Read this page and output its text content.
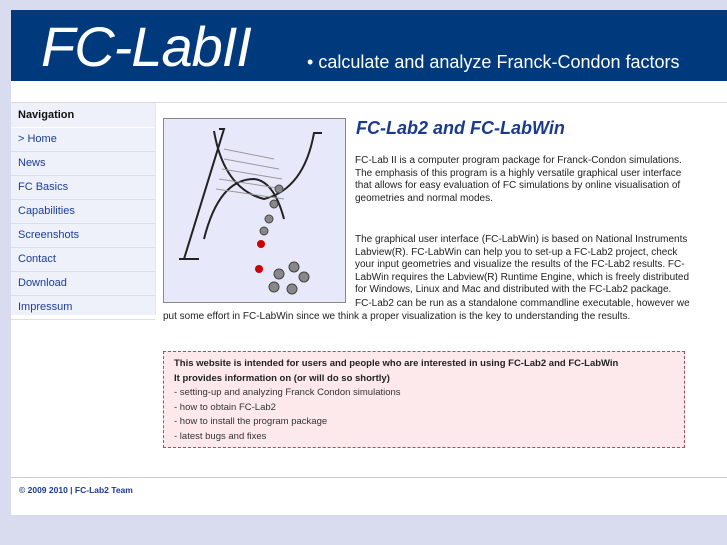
FC-LabII	• calculate and analyze Franck-Condon factors
Navigation
> Home
News
FC Basics
Capabilities
Screenshots
Contact
Download
Impressum
FC-Lab2 and FC-LabWin
FC-Lab II is a computer program package for Franck-Condon simulations. The emphasis of this program is a highly versatile graphical user interface that allows for easy evaluation of FC simulations by online visualisation of geometries and normal modes.
The graphical user interface (FC-LabWin) is based on National Instruments Labview(R). FC-LabWin can help you to set-up a FC-Lab2 project, check your input geometries and visualize the results of the FC-Lab2 results. FC-LabWin requires the Labview(R) Runtime Engine, which is freely distributed for Windows, Linux and Mac and distributed with the FC-Lab2 package.
FC-Lab2 can be run as a standalone commandline executable, however we
put some effort in FC-LabWin since we think a proper visualization is the key to understanding the results.
This website is intended for users and people who are interested in using FC-Lab2 and FC-LabWin
It provides information on (or will do so shortly)
- setting-up and analyzing Franck Condon simulations
- how to obtain FC-Lab2
- how to install the program package
- latest bugs and fixes
© 2009 2010 | FC-Lab2 Team
